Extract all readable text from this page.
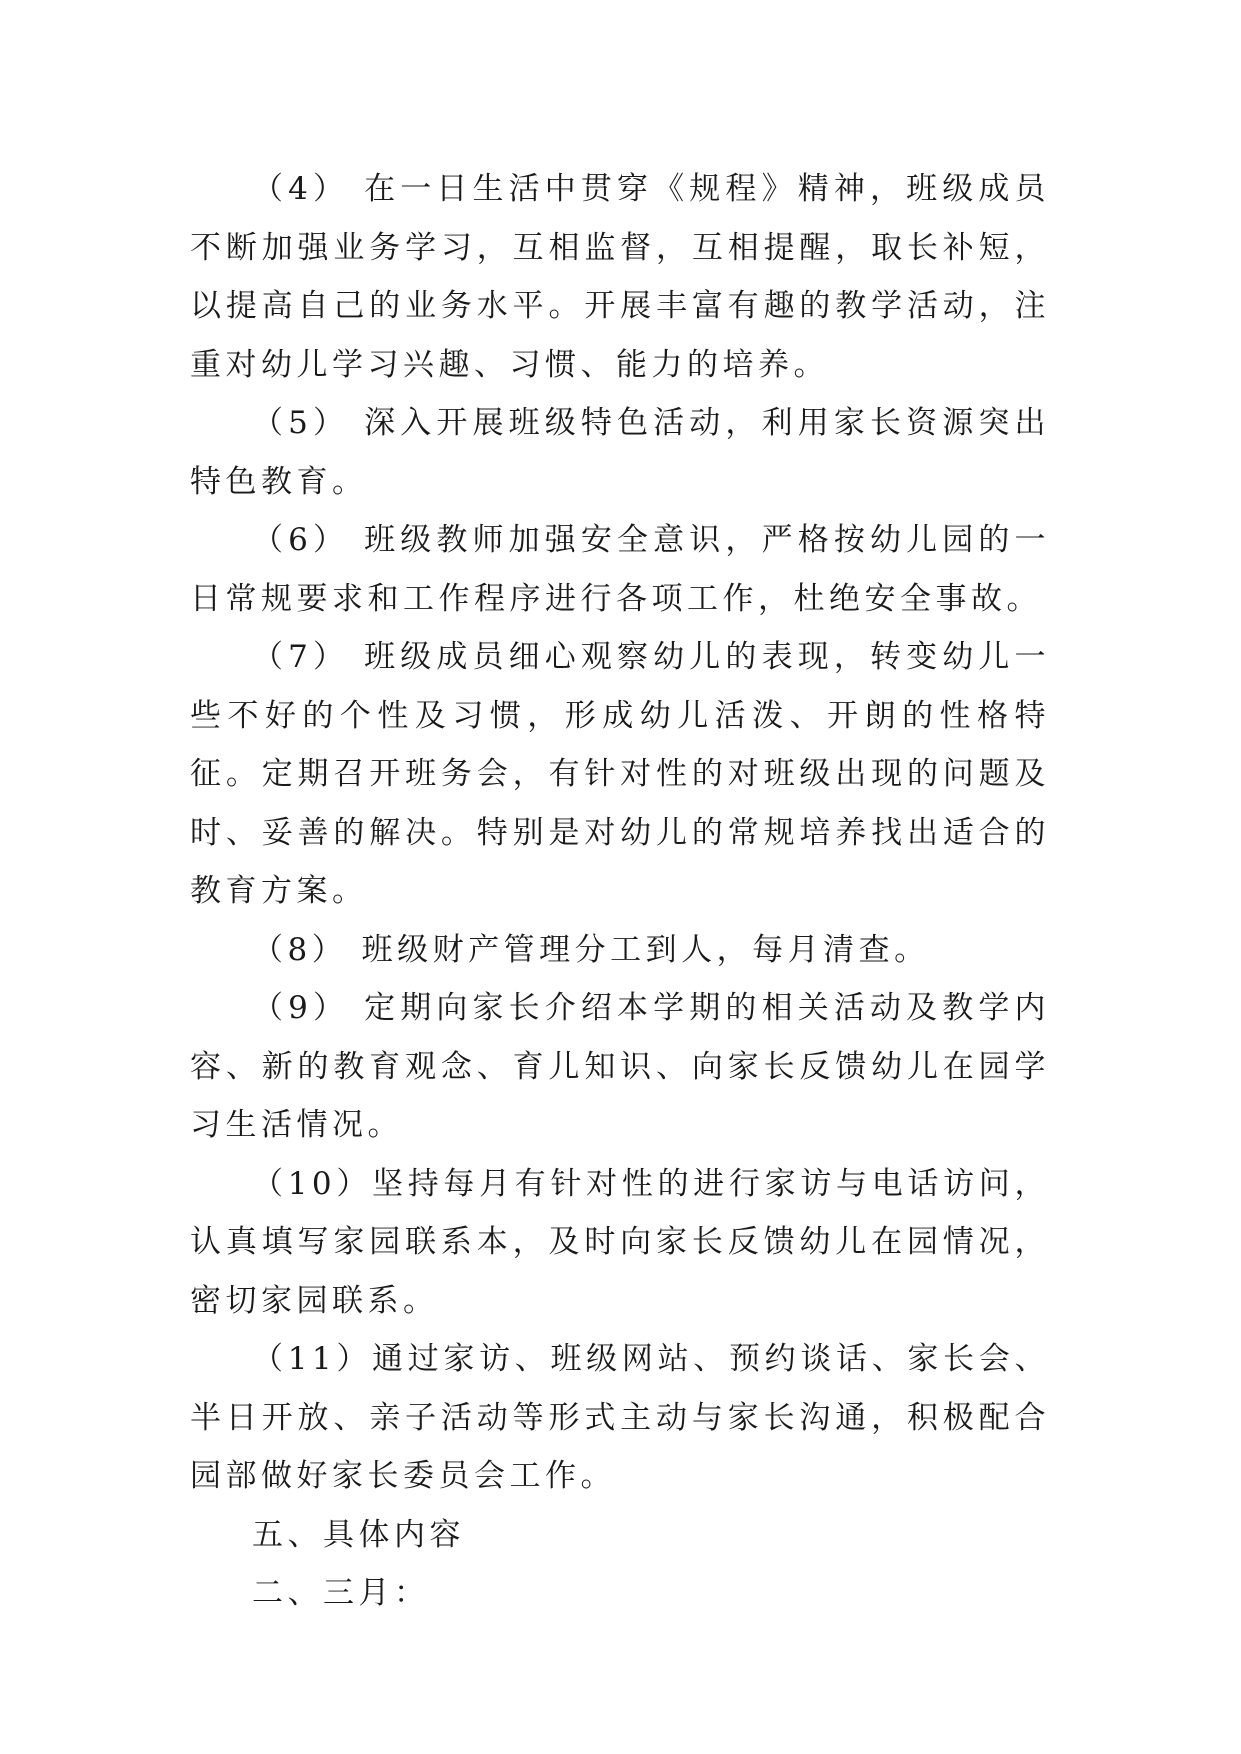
（4） 在一日生活中贯穿《规程》精神，班级成员不断加强业务学习，互相监督，互相提醒，取长补短，以提高自己的业务水平。开展丰富有趣的教学活动，注重对幼儿学习兴趣、习惯、能力的培养。

（5） 深入开展班级特色活动，利用家长资源突出特色教育。

（6） 班级教师加强安全意识，严格按幼儿园的一日常规要求和工作程序进行各项工作，杜绝安全事故。

（7） 班级成员细心观察幼儿的表现，转变幼儿一些不好的个性及习惯，形成幼儿活泼、开朗的性格特征。定期召开班务会，有针对性的对班级出现的问题及时、妥善的解决。特别是对幼儿的常规培养找出适合的教育方案。

（8） 班级财产管理分工到人，每月清查。

（9） 定期向家长介绍本学期的相关活动及教学内容、新的教育观念、育儿知识、向家长反馈幼儿在园学习生活情况。

（10）坚持每月有针对性的进行家访与电话访问，认真填写家园联系本，及时向家长反馈幼儿在园情况，密切家园联系。

（11）通过家访、班级网站、预约谈话、家长会、半日开放、亲子活动等形式主动与家长沟通，积极配合园部做好家长委员会工作。

五、具体内容

二、三月：
